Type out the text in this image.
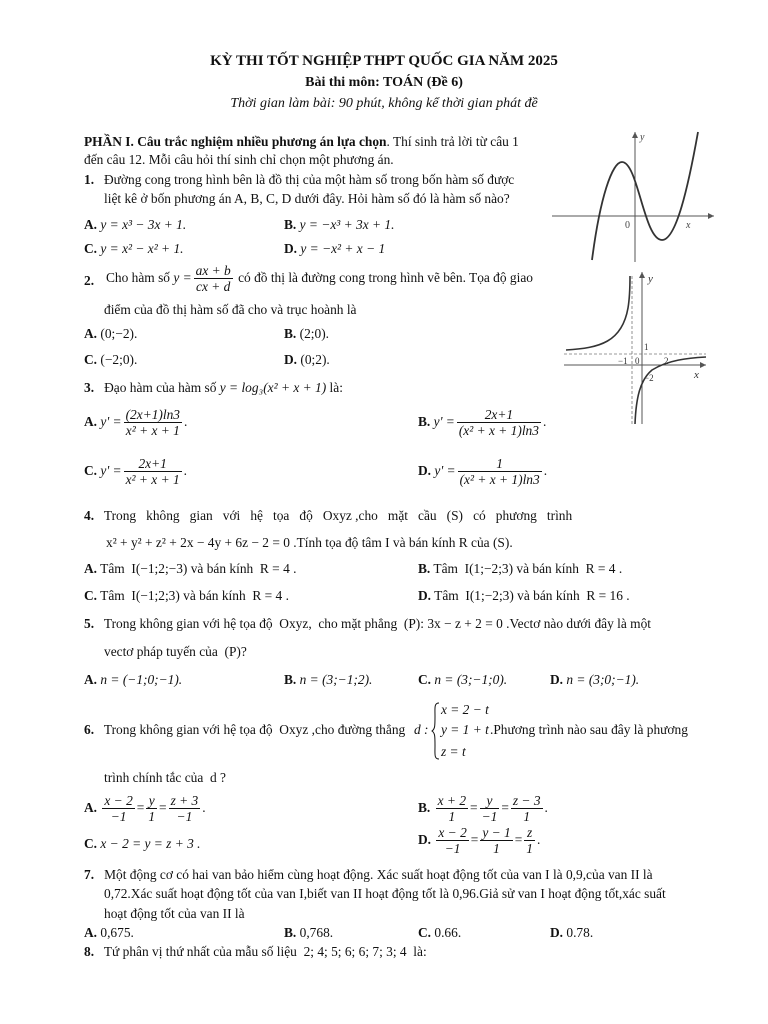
KỲ THI TỐT NGHIỆP THPT QUỐC GIA NĂM 2025
Bài thi môn: TOÁN (Đề 6)
Thời gian làm bài: 90 phút, không kể thời gian phát đề
PHẦN I. Câu trắc nghiệm nhiều phương án lựa chọn. Thí sinh trả lời từ câu 1
đến câu 12. Mỗi câu hỏi thí sinh chỉ chọn một phương án.
1. Đường cong trong hình bên là đồ thị của một hàm số trong bốn hàm số được
liệt kê ở bốn phương án A, B, C, D dưới đây. Hỏi hàm số đó là hàm số nào?
A. y = x³ − 3x + 1.	B. y = −x³ + 3x + 1.
C. y = x² − x² + 1.	D. y = −x² + x − 1
y
x
0
2. Cho hàm số $y = \frac{ax + b}{cx + d}$ có đồ thị là đường cong trong hình vẽ bên. Tọa độ giao
điểm của đồ thị hàm số đã cho và trục hoành là
A. (0;−2).	B. (2;0).
C. (−2;0).	D. (0;2).
y
x
1
−1 0	2
−2
3. Đạo hàm của hàm số y = log₃(x² + x + 1) là:
A. $y' = \frac{(2x+1)\ln 3}{\text{x² + x + 1}}$ .	B. $y' = \frac{2x+1}{\text{(x² + x + 1)ln3}}$ .
C. $y' = \frac{2x+1}{\text{x² + x + 1}}$ .	D. $y' = \frac{1}{\text{(x² + x + 1)ln3}}$ .
4. Trong   không   gian   với   hệ   tọa   độ   Oxyz ,cho   mặt   cầu   (S)   có   phương   trình
x² + y² + z² + 2x − 4y + 6z − 2 = 0 .Tính tọa độ tâm I và bán kính R của (S).
A. Tâm  I(−1;2;−3) và bán kính  R = 4 .	B. Tâm  I(1;−2;3) và bán kính  R = 4 .
C. Tâm  I(−1;2;3) và bán kính  R = 4 .	D. Tâm  I(1;−2;3) và bán kính  R = 16 .
5. Trong không gian với hệ tọa độ  Oxyz,  cho mặt phẳng  (P): 3x − z + 2 = 0 .Vectơ nào dưới đây là một
vectơ pháp tuyến của  (P)?
A. n = (−1;0;−1).	B. n = (3;−1;2).	C. n = (3;−1;0).	D. n = (3;0;−1).
6. Trong không gian với hệ tọa độ  Oxyz ,cho đường thẳng d :
x = 2 − t
y = 1 + t
z = t
.Phương trình nào sau đây là phương
trình chính tắc của  d ?
A. $\frac{x - 2}{-1} = \frac{y}{1} = \frac{z + 3}{-1}$ .	B. $\frac{x + 2}{1} = \frac{y}{-1} = \frac{z - 3}{1}$ .
C. x − 2 = y = z + 3 .	D. $\frac{x - 2}{-1} = \frac{y - 1}{1} = \frac{z}{1}$ .
7. Một động cơ có hai van bảo hiểm cùng hoạt động. Xác suất hoạt động tốt của van I là 0,9,của van II là
0,72.Xác suất hoạt động tốt của van I,biết van II hoạt động tốt là 0,96.Giả sử van I hoạt động tốt,xác suất
hoạt động tốt của van II là
A. 0,675.	B. 0,768.	C. 0.66.	D. 0.78.
8. Tứ phân vị thứ nhất của mẫu số liệu  2; 4; 5; 6; 6; 7; 3; 4  là:
